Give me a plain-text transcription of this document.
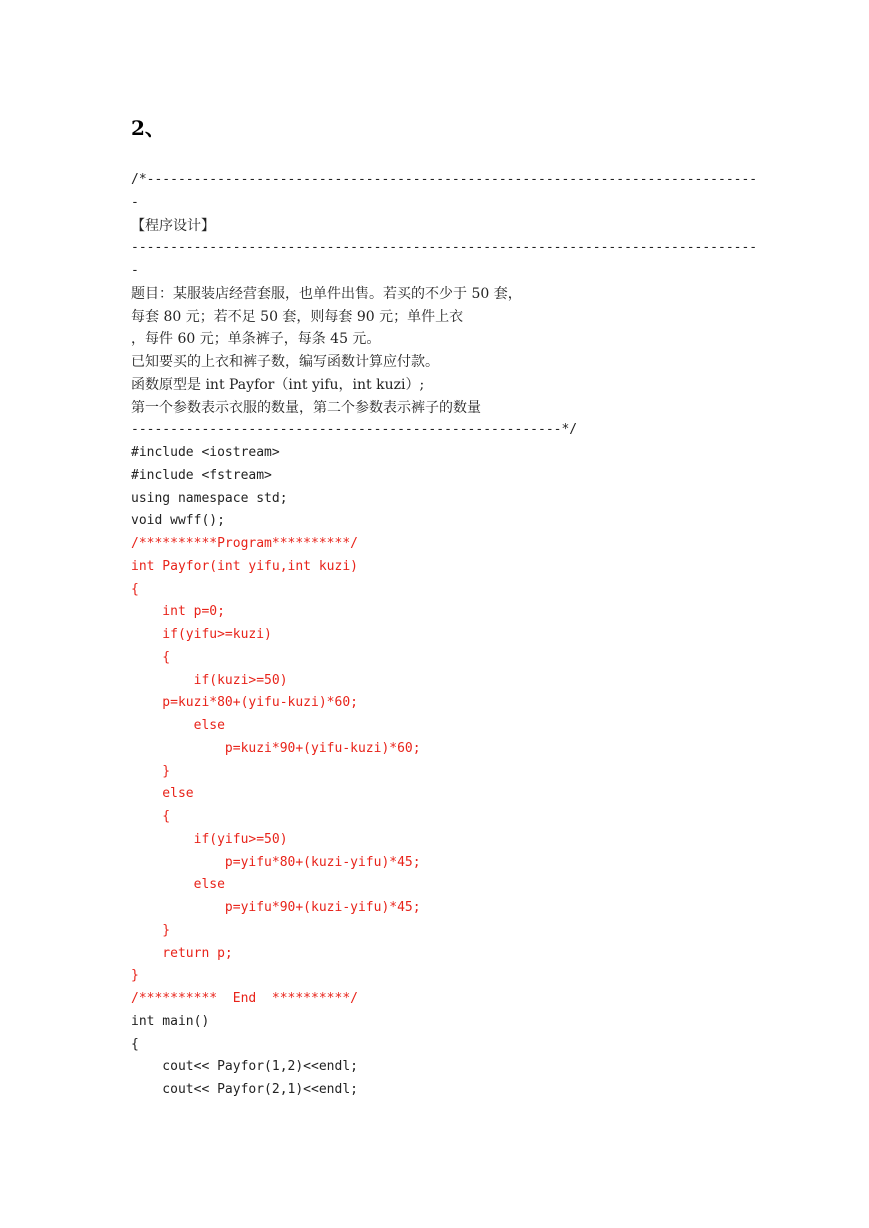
2、
/*------------------------------------------------------------------------------
-
【程序设计】
--------------------------------------------------------------------------------
-
题目：某服装店经营套服，也单件出售。若买的不少于 50 套，
每套 80 元；若不足 50 套，则每套 90 元；单件上衣
，每件 60 元；单条裤子，每条 45 元。
已知要买的上衣和裤子数，编写函数计算应付款。
函数原型是 int Payfor（int yifu，int kuzi）;
第一个参数表示衣服的数量，第二个参数表示裤子的数量
-------------------------------------------------------*/
#include <iostream>
#include <fstream>
using namespace std;
void wwff();
/**********Program**********/
int Payfor(int yifu,int kuzi)
{
int p=0;
if(yifu>=kuzi)
{
if(kuzi>=50)
p=kuzi*80+(yifu-kuzi)*60;
else
p=kuzi*90+(yifu-kuzi)*60;
}
else
{
if(yifu>=50)
p=yifu*80+(kuzi-yifu)*45;
else
p=yifu*90+(kuzi-yifu)*45;
}
return p;
}
/**********  End  **********/
int main()
{
cout<< Payfor(1,2)<<endl;
cout<< Payfor(2,1)<<endl;
